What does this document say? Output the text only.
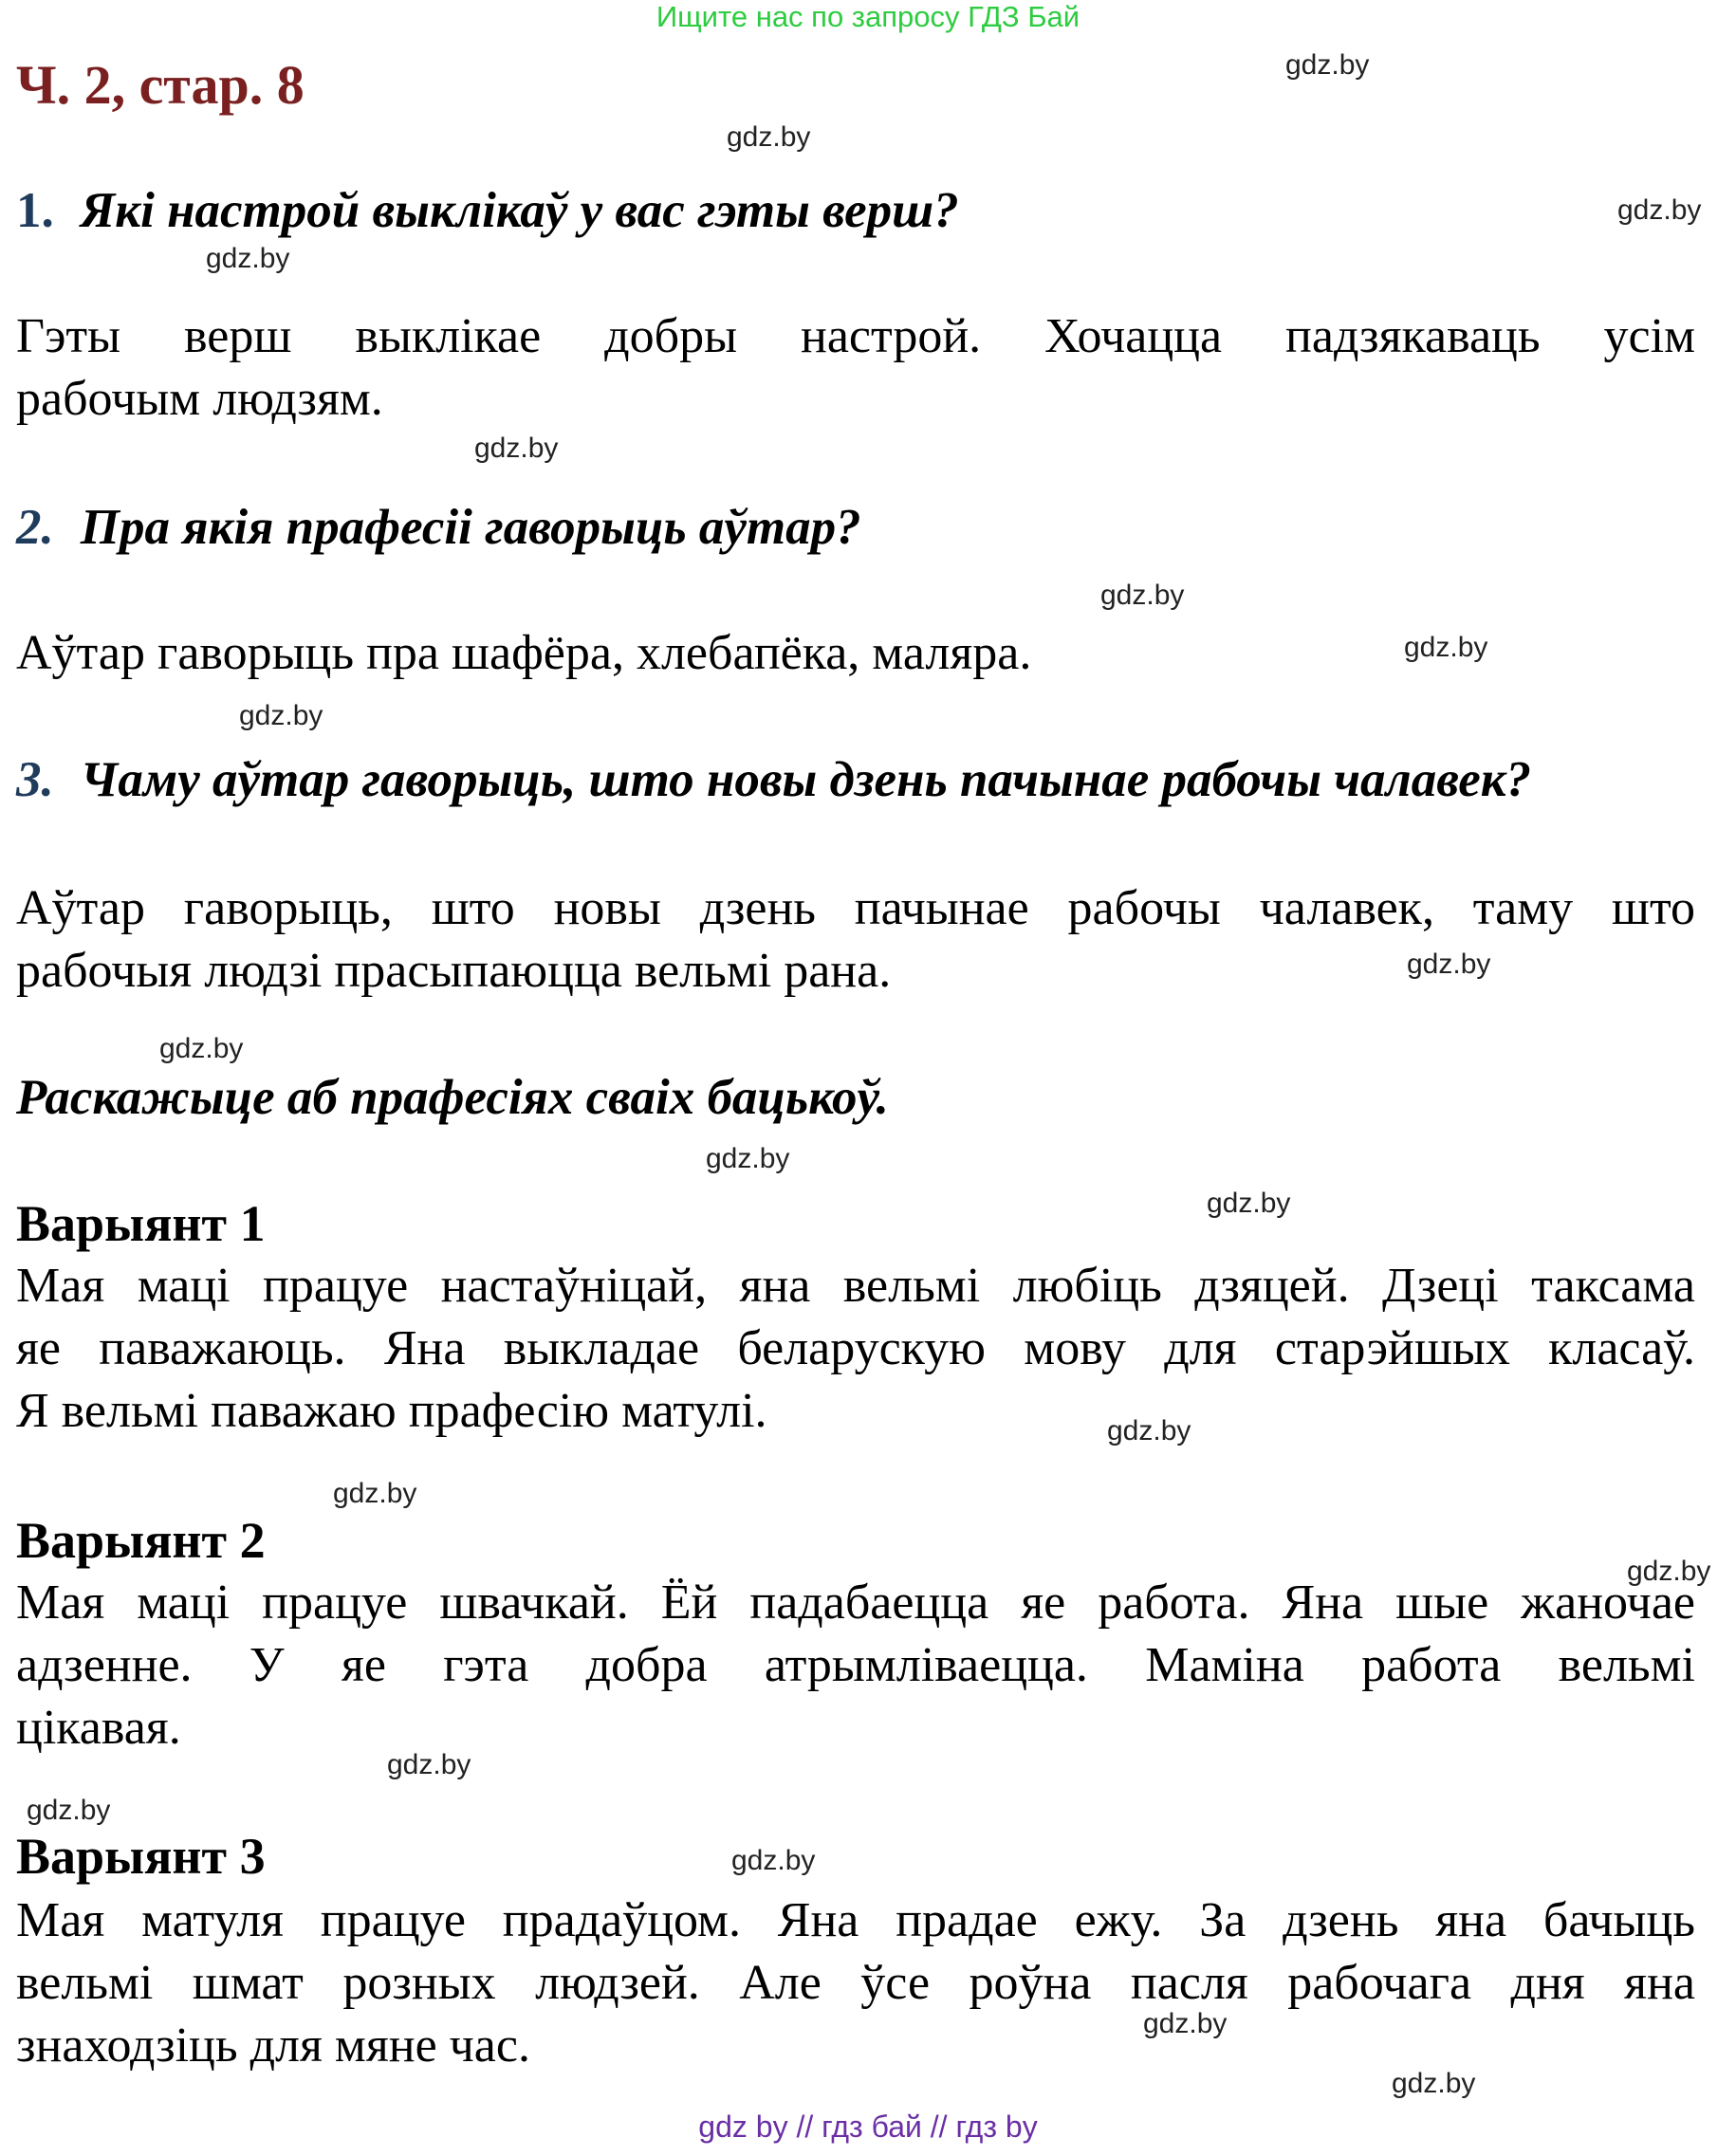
Ищите нас по запросу ГДЗ Бай
Ч. 2, стар. 8
1. Які настрой выклікаў у вас гэты верш?
Гэты верш выклікае добры настрой. Хочацца падзякаваць усім
рабочым людзям.
2. Пра якія прафесіі гаворыць аўтар?
Аўтар гаворыць пра шафёра, хлебапёка, маляра.
3. Чаму аўтар гаворыць, што новы дзень пачынае рабочы чалавек?
Аўтар гаворыць, што новы дзень пачынае рабочы чалавек, таму што
рабочыя людзі прасыпаюцца вельмі рана.
Раскажыце аб прафесіях сваіх бацькоў.
Варыянт 1
Мая маці працуе настаўніцай, яна вельмі любіць дзяцей. Дзеці таксама
яе паважаюць. Яна выкладае беларускую мову для старэйшых класаў.
Я вельмі паважаю прафесію матулі.
Варыянт 2
Мая маці працуе швачкай. Ёй падабаецца яе работа. Яна шые жаночае
адзенне. У яе гэта добра атрымліваецца. Маміна работа вельмі
цікавая.
Варыянт 3
Мая матуля працуе прадаўцом. Яна прадае ежу. За дзень яна бачыць
вельмі шмат розных людзей. Але ўсе роўна пасля рабочага дня яна
знаходзіць для мяне час.
gdz.by
gdz.by
gdz.by
gdz.by
gdz.by
gdz.by
gdz.by
gdz.by
gdz.by
gdz.by
gdz.by
gdz.by
gdz.by
gdz.by
gdz.by
gdz.by
gdz.by
gdz.by
gdz.by
gdz.by
gdz by // гдз бай // гдз by
